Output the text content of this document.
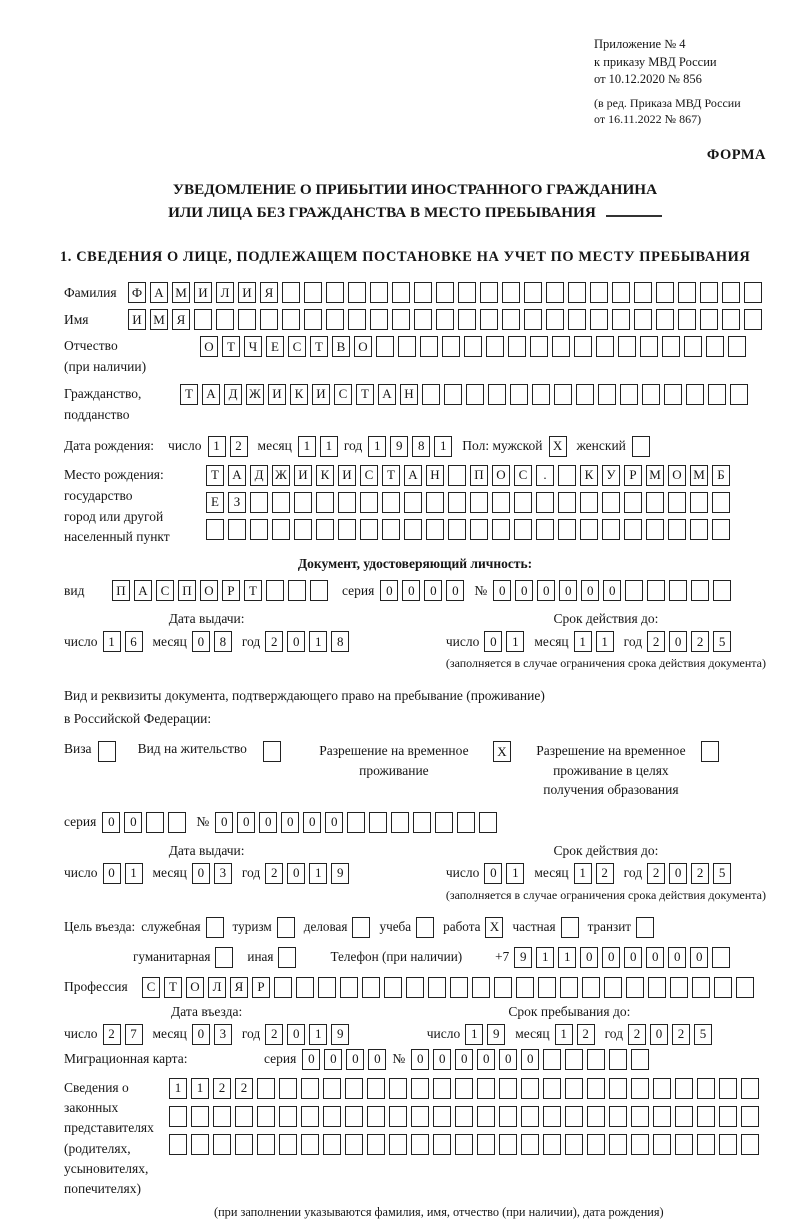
Приложение № 4
к приказу МВД России
от 10.12.2020 № 856
(в ред. Приказа МВД России
от 16.11.2022 № 867)
ФОРМА
УВЕДОМЛЕНИЕ О ПРИБЫТИИ ИНОСТРАННОГО ГРАЖДАНИНА
ИЛИ ЛИЦА БЕЗ ГРАЖДАНСТВА В МЕСТО ПРЕБЫВАНИЯ
1. СВЕДЕНИЯ О ЛИЦЕ, ПОДЛЕЖАЩЕМ ПОСТАНОВКЕ НА УЧЕТ ПО МЕСТУ ПРЕБЫВАНИЯ
Фамилия	Ф А М И Л И Я
Имя	И М Я
Отчество
(при наличии)
О	Т	Ч	Е	С	Т	В О
Гражданство,
подданство
Т	А Д Ж И К И С	Т	А Н
Дата рождения: число 1	2	месяц 1	1 год 1	9	8	1	Пол: мужской X	женский
Место рождения:
государство
город или другой
населенный пункт
Т	А Д Ж И К И С	Т	А Н	П О С	.	К	У	Р М О М Б
Е	З
Документ, удостоверяющий личность:
вид	П А С П О	Р	Т	серия 0	0	0	0	№ 0	0	0	0	0	0
Дата выдачи:
число 1	6	месяц 0	8	год 2	0	1	8
Срок действия до:
число 0	1	месяц 1	1	год 2	0	2	5
(заполняется в случае ограничения срока действия документа)
Вид и реквизиты документа, подтверждающего право на пребывание (проживание)
в Российской Федерации:
Виза	Вид на жительство	Разрешение на временное проживание
X	Разрешение на временное проживание в целях получения образования
серия 0	0	№ 0	0	0	0	0	0
Дата выдачи:
число 0	1	месяц 0	3	год 2	0	1	9
Срок действия до:
число 0	1	месяц 1	2	год 2	0	2	5
(заполняется в случае ограничения срока действия документа)
Цель въезда: служебная туризм деловая учеба работа X	частная транзит
гуманитарная	иная	Телефон (при наличии)	+7 9	1	1	0	0	0	0	0	0
Профессия	С	Т	О Л	Я	Р
Дата въезда:
число 2	7	месяц 0	3	год 2	0	1	9
Срок пребывания до:
число 1	9	месяц 1	2	год 2	0	2	5
Миграционная карта:	серия 0	0	0	0 № 0	0	0	0	0	0
Сведения о
законных
представителях
(родителях,
усыновителях,
попечителях)
1	1	2	2
(при заполнении указываются фамилия, имя, отчество (при наличии), дата рождения)
